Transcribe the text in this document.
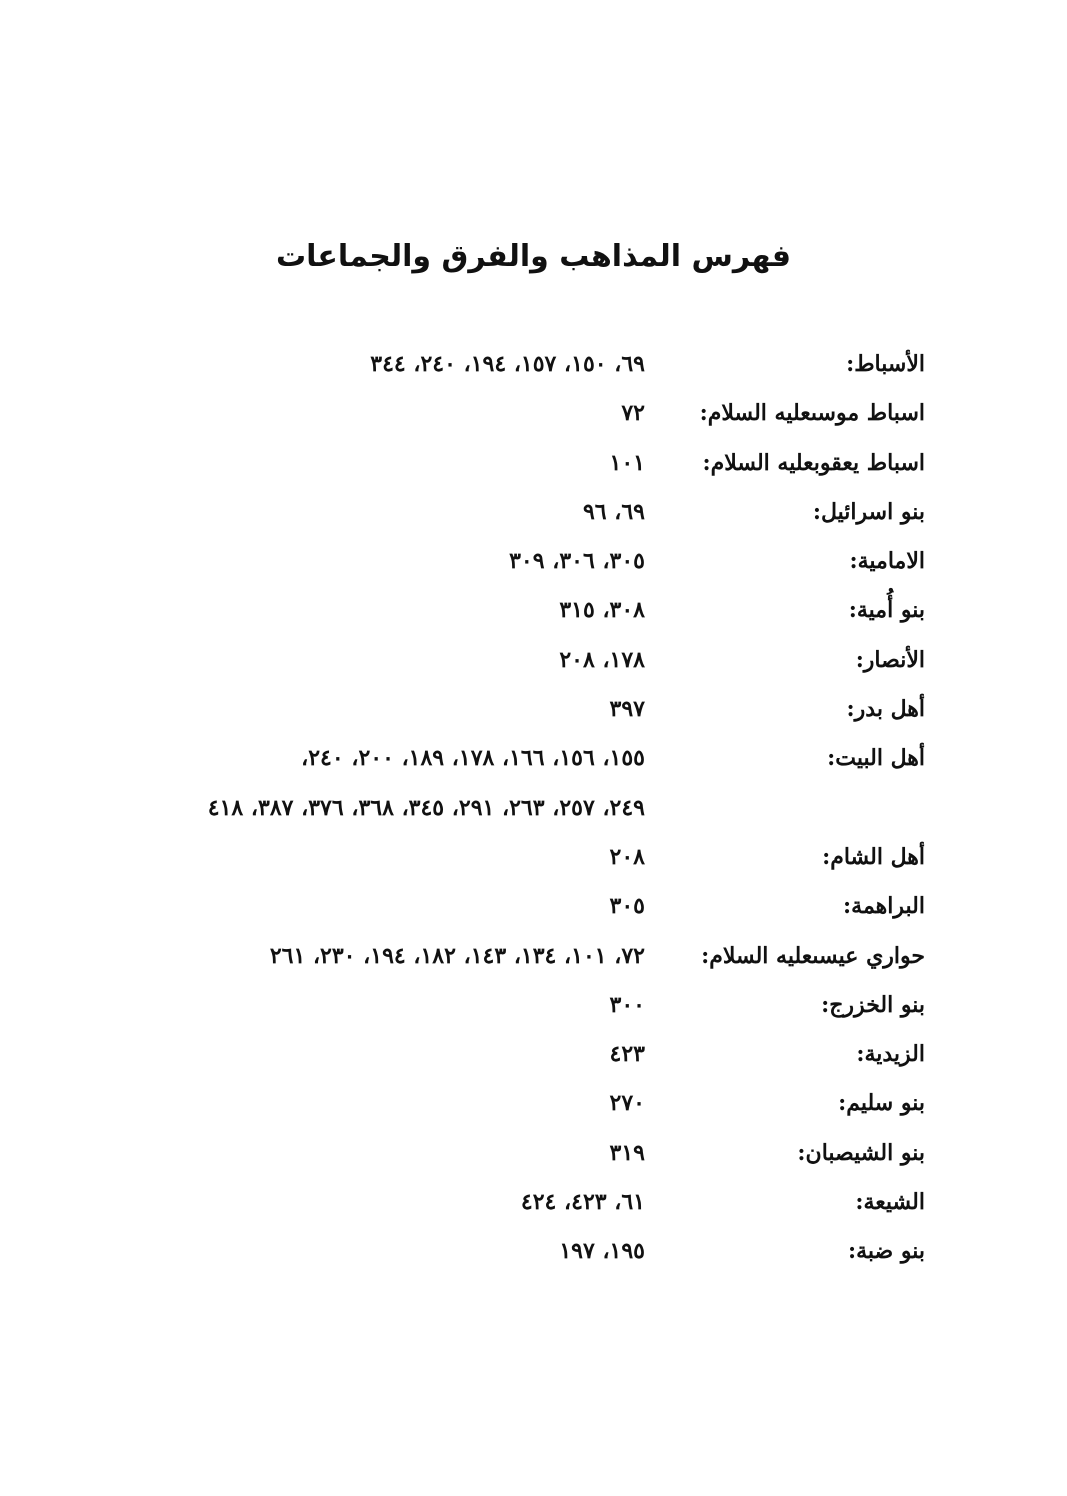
فهرس المذاهب والفرق والجماعات
الأسباط:
٦٩، ١٥٠، ١٥٧، ١٩٤، ٢٤٠، ٣٤٤
اسباط موسىعليه السلام:
٧٢
اسباط يعقوبعليه السلام:
١٠١
بنو اسرائيل:
٦٩، ٩٦
الامامية:
٣٠٥، ٣٠٦، ٣٠٩
بنو أُمية:
٣٠٨، ٣١٥
الأنصار:
١٧٨، ٢٠٨
أهل بدر:
٣٩٧
أهل البيت:
١٥٥، ١٥٦، ١٦٦، ١٧٨، ١٨٩، ٢٠٠، ٢٤٠،
٢٤٩، ٢٥٧، ٢٦٣، ٢٩١، ٣٤٥، ٣٦٨، ٣٧٦، ٣٨٧، ٤١٨
أهل الشام:
٢٠٨
البراهمة:
٣٠٥
حواري عيسىعليه السلام:
٧٢، ١٠١، ١٣٤، ١٤٣، ١٨٢، ١٩٤، ٢٣٠، ٢٦١
بنو الخزرج:
٣٠٠
الزيدية:
٤٢٣
بنو سليم:
٢٧٠
بنو الشيصبان:
٣١٩
الشيعة:
٦١، ٤٢٣، ٤٢٤
بنو ضبة:
١٩٥، ١٩٧
